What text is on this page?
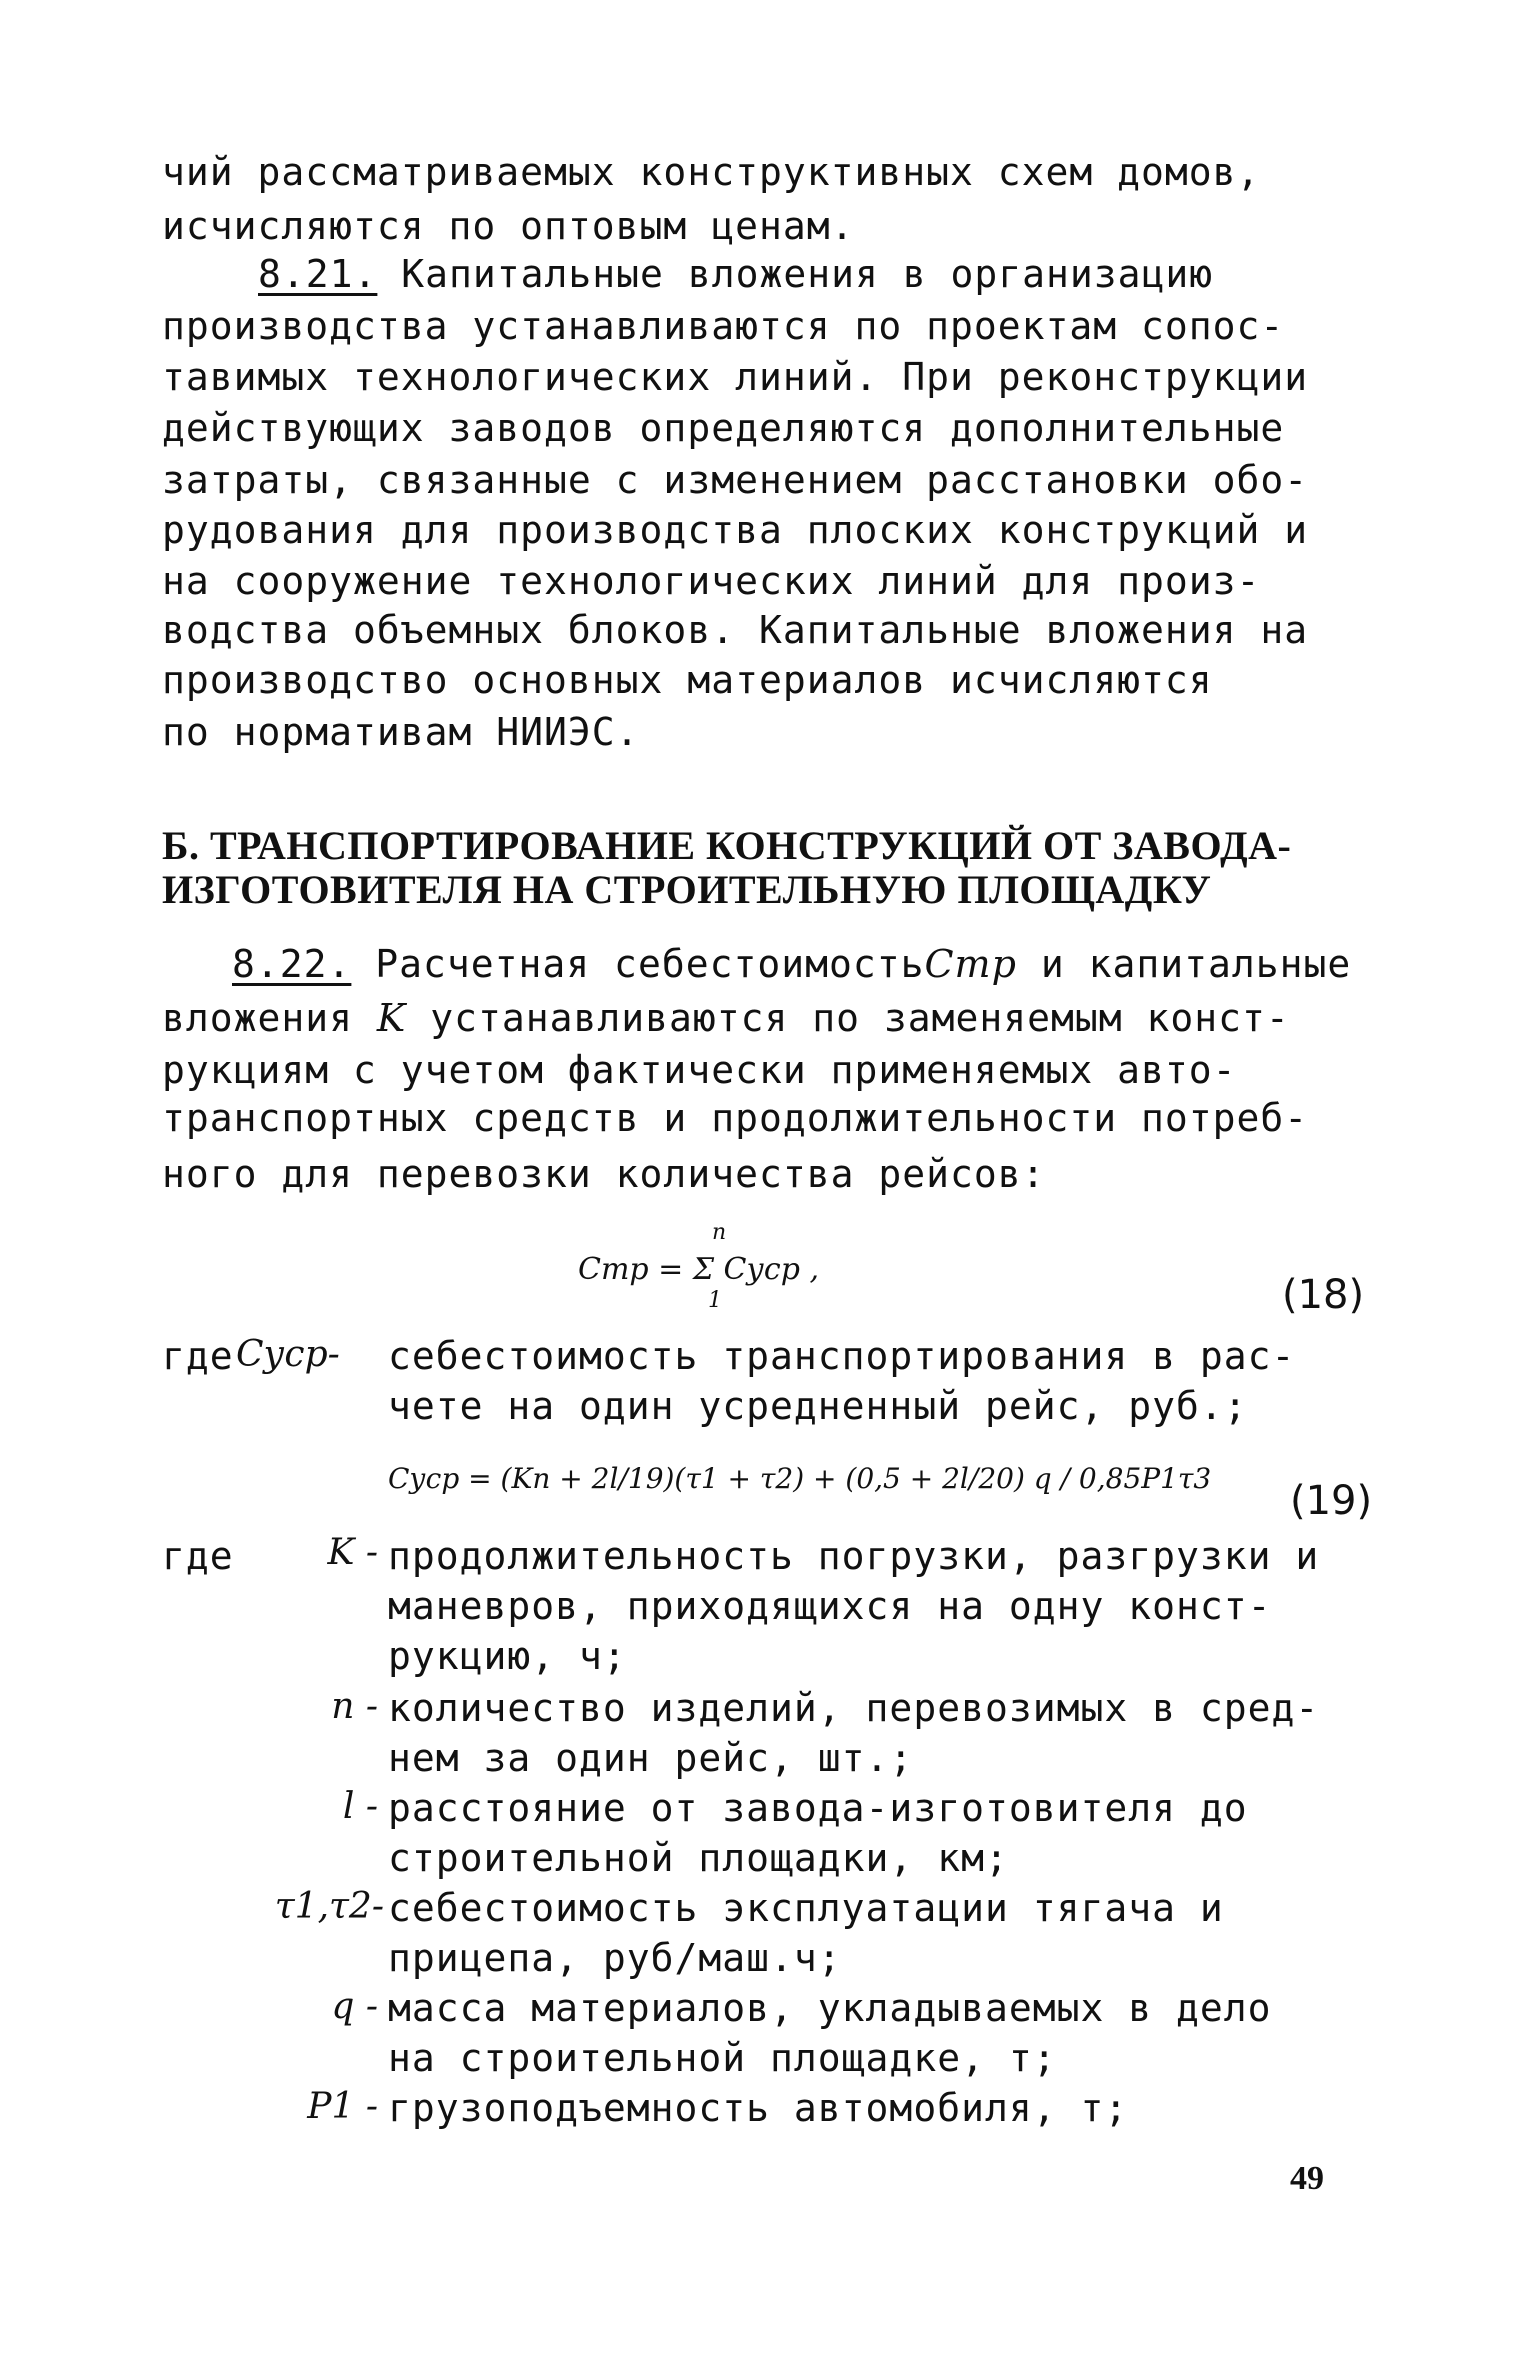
чий рассматриваемых конструктивных схем домов,
исчисляются по оптовым ценам.
8.21. Капитальные вложения в организацию
производства устанавливаются по проектам сопос-
тавимых технологических линий. При реконструкции
действующих заводов определяются дополнительные
затраты, связанные с изменением расстановки обо-
рудования для производства плоских конструкций и
на сооружение технологических линий для произ-
водства объемных блоков. Капитальные вложения на
производство основных материалов исчисляются
по нормативам НИИЭС.
Б. ТРАНСПОРТИРОВАНИЕ КОНСТРУКЦИЙ ОТ ЗАВОДА-
ИЗГОТОВИТЕЛЯ НА СТРОИТЕЛЬНУЮ ПЛОЩАДКУ
8.22. Расчетная себестоимостьCтр и капитальные
вложения K устанавливаются по заменяемым конст-
рукциям с учетом фактически применяемых авто-
транспортных средств и продолжительности потреб-
ного для перевозки количества рейсов:
n
Cтр = Σ Cуср ,
1	(18)
где Cуср-	себестоимость транспортирования в рас-
чете на один усредненный рейс, руб.;
Cуср = (Kn + 2l/19)(τ1 + τ2) + (0,5 + 2l/20) q / 0,85P1τ3 (19)
где	K - продолжительность погрузки, разгрузки и
маневров, приходящихся на одну конст-
рукцию, ч;
n - количество изделий, перевозимых в сред-
нем за один рейс, шт.;
l - расстояние от завода-изготовителя до
строительной площадки, км;
τ1,τ2- себестоимость эксплуатации тягача и
прицепа, руб/маш.ч;
q - масса материалов, укладываемых в дело
на строительной площадке, т;
P1 - грузоподъемность автомобиля, т;
49
